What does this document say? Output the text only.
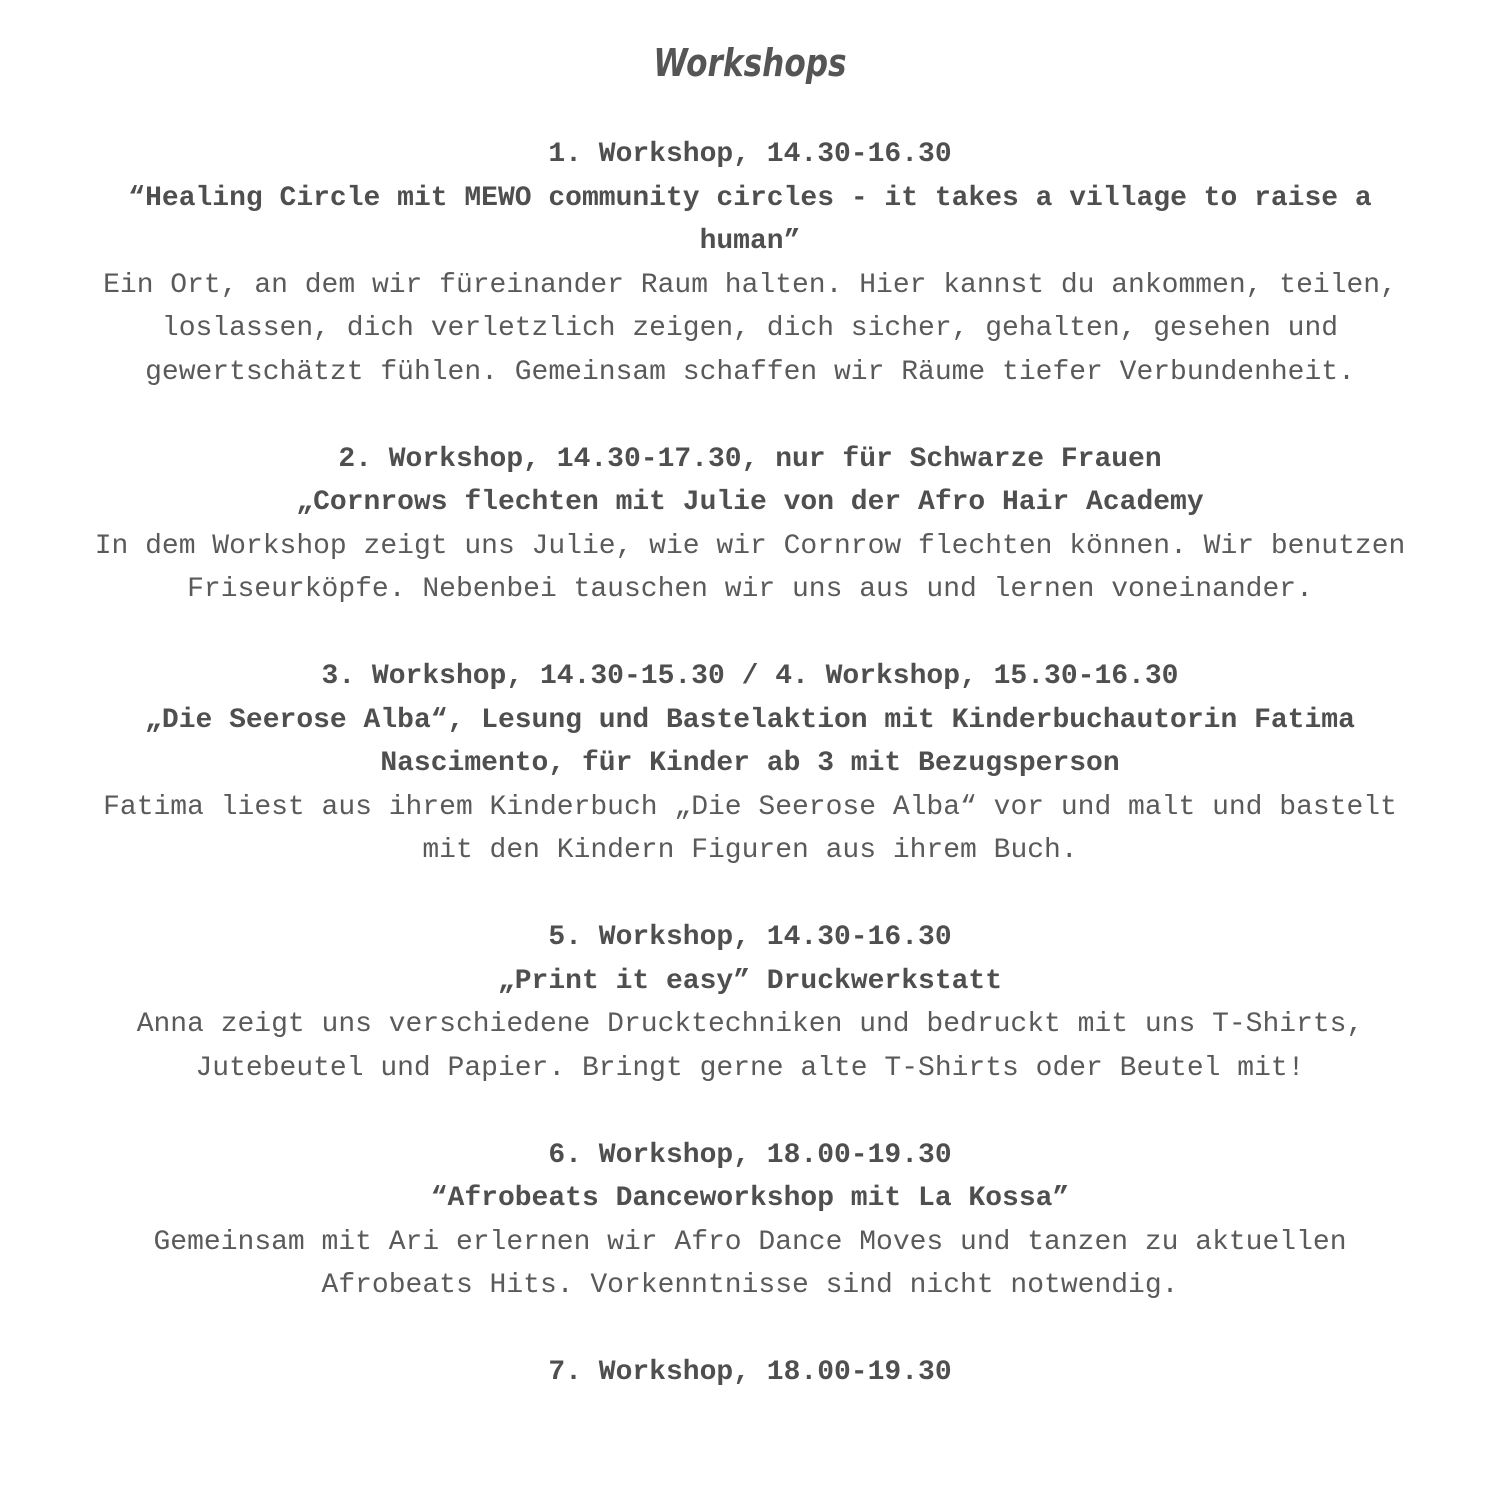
Workshops

1. Workshop, 14.30-16.30

“Healing Circle mit MEWO community circles - it takes a village to raise a human”

Ein Ort, an dem wir füreinander Raum halten. Hier kannst du ankommen, teilen, loslassen, dich verletzlich zeigen, dich sicher, gehalten, gesehen und gewertschätzt fühlen. Gemeinsam schaffen wir Räume tiefer Verbundenheit.

2. Workshop, 14.30-17.30, nur für Schwarze Frauen

„Cornrows flechten mit Julie von der Afro Hair Academy

In dem Workshop zeigt uns Julie, wie wir Cornrow flechten können. Wir benutzen Friseurköpfe. Nebenbei tauschen wir uns aus und lernen voneinander.

3. Workshop, 14.30-15.30 / 4. Workshop, 15.30-16.30

„Die Seerose Alba“, Lesung und Bastelaktion mit Kinderbuchautorin Fatima Nascimento, für Kinder ab 3 mit Bezugsperson

Fatima liest aus ihrem Kinderbuch „Die Seerose Alba“ vor und malt und bastelt mit den Kindern Figuren aus ihrem Buch.

5. Workshop, 14.30-16.30

„Print it easy” Druckwerkstatt

Anna zeigt uns verschiedene Drucktechniken und bedruckt mit uns T-Shirts, Jutebeutel und Papier. Bringt gerne alte T-Shirts oder Beutel mit!

6. Workshop, 18.00-19.30

“Afrobeats Danceworkshop mit La Kossa”

Gemeinsam mit Ari erlernen wir Afro Dance Moves und tanzen zu aktuellen Afrobeats Hits. Vorkenntnisse sind nicht notwendig.

7. Workshop, 18.00-19.30
